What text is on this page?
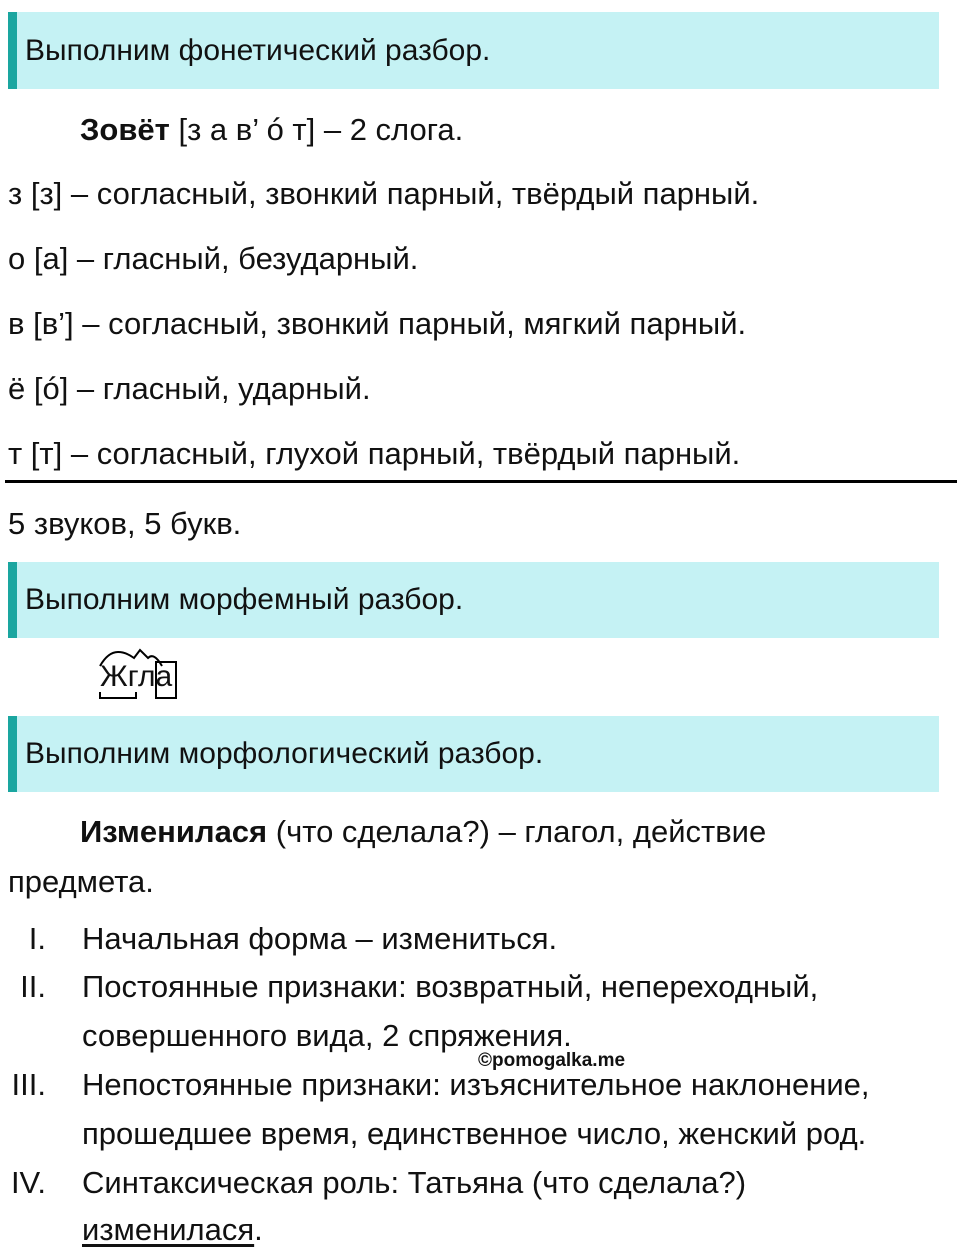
Выполним фонетический разбор.
Зовёт [з а в’ ó т] – 2 слога.
з [з] – согласный, звонкий парный, твёрдый парный.
о [а] – гласный, безударный.
в [в’] – согласный, звонкий парный, мягкий парный.
ё [ó] – гласный, ударный.
т [т] – согласный, глухой парный, твёрдый парный.
5 звуков, 5 букв.
Выполним морфемный разбор.
Жгла
Выполним морфологический разбор.
Изменилася (что сделала?) – глагол, действие
предмета.
I. Начальная форма – измениться.
II. Постоянные признаки: возвратный, непереходный,
совершенного вида, 2 спряжения.
©pomogalka.me
III. Непостоянные признаки: изъяснительное наклонение,
прошедшее время, единственное число, женский род.
IV. Синтаксическая роль: Татьяна (что сделала?)
изменилася.
